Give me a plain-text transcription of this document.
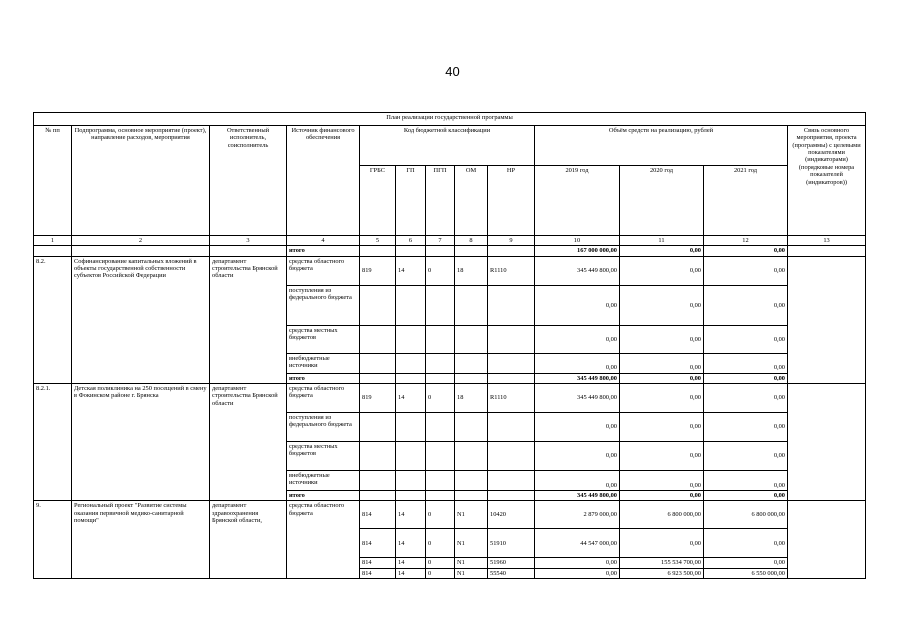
40
План реализации государственной программы												
№ пп	Подпрограмма, основное мероприятие (проект), направление расходов, мероприятия	Ответственный исполнитель, соисполнитель	Источник финансового обеспечения	Код бюджетной классификации					Объём средств на реализацию, рублей			Связь основного мероприятия, проекта (программы) с целевыми показателями (индикаторами) (порядковые номера показателей (индикаторов))
				ГРБС	ГП	ПГП	ОМ	НР	2019 год	2020 год	2021 год	
1	2	3	4	5	6	7	8	9	10	11	12	13
			итого						167 000 000,00	0,00	0,00	
8.2.	Софинансирование капитальных вложений в объекты государственной собственности субъектов Российской Федерации	департамент строительства Брянской области	средства областного бюджета	819	14	0	18	R1110	345 449 800,00	0,00	0,00	
			поступления из федерального бюджета						0,00	0,00	0,00	
			средства местных бюджетов						0,00	0,00	0,00	
			внебюджетные источники						0,00	0,00	0,00	
			итого						345 449 800,00	0,00	0,00	
8.2.1.	Детская поликлиника на 250 посещений в смену в Фокинском районе г. Брянска	департамент строительства Брянской области	средства областного бюджета	819	14	0	18	R1110	345 449 800,00	0,00	0,00	
			поступления из федерального бюджета						0,00	0,00	0,00	
			средства местных бюджетов						0,00	0,00	0,00	
			внебюджетные источники						0,00	0,00	0,00	
			итого						345 449 800,00	0,00	0,00	
9.	Региональный проект "Развитие системы оказания первичной медико-санитарной помощи"	департамент здравоохранения Брянской области,	средства областного бюджета	814	14	0	N1	10420	2 879 000,00	6 800 000,00	6 800 000,00	
				814	14	0	N1	51910	44 547 000,00	0,00	0,00	
				814	14	0	N1	51960	0,00	155 534 700,00	0,00	
				814	14	0	N1	55540	0,00	6 923 500,00	6 550 000,00	
